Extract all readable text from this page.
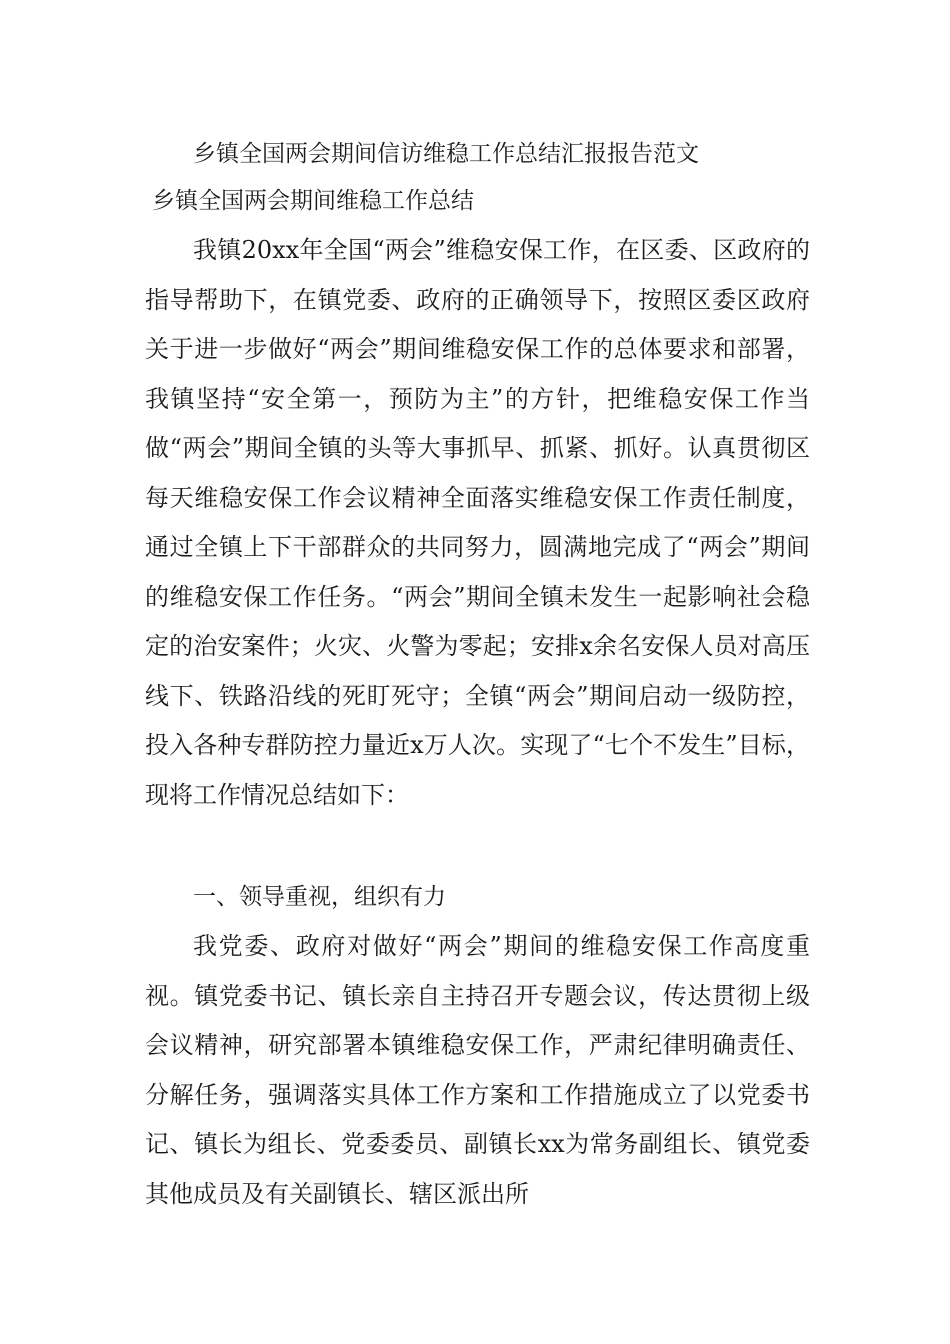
乡镇全国两会期间信访维稳工作总结汇报报告范文
乡镇全国两会期间维稳工作总结

我镇20xx年全国“两会”维稳安保工作，在区委、区政府的指导帮助下，在镇党委、政府的正确领导下，按照区委区政府关于进一步做好“两会”期间维稳安保工作的总体要求和部署，我镇坚持“安全第一，预防为主”的方针，把维稳安保工作当做“两会”期间全镇的头等大事抓早、抓紧、抓好。认真贯彻区每天维稳安保工作会议精神全面落实维稳安保工作责任制度，通过全镇上下干部群众的共同努力，圆满地完成了“两会”期间的维稳安保工作任务。“两会”期间全镇未发生一起影响社会稳定的治安案件；火灾、火警为零起；安排x余名安保人员对高压线下、铁路沿线的死盯死守；全镇“两会”期间启动一级防控，投入各种专群防控力量近x万人次。实现了“七个不发生”目标，现将工作情况总结如下：

一、领导重视，组织有力

我党委、政府对做好“两会”期间的维稳安保工作高度重视。镇党委书记、镇长亲自主持召开专题会议，传达贯彻上级会议精神，研究部署本镇维稳安保工作，严肃纪律明确责任、分解任务，强调落实具体工作方案和工作措施成立了以党委书记、镇长为组长、党委委员、副镇长xx为常务副组长、镇党委其他成员及有关副镇长、辖区派出所
